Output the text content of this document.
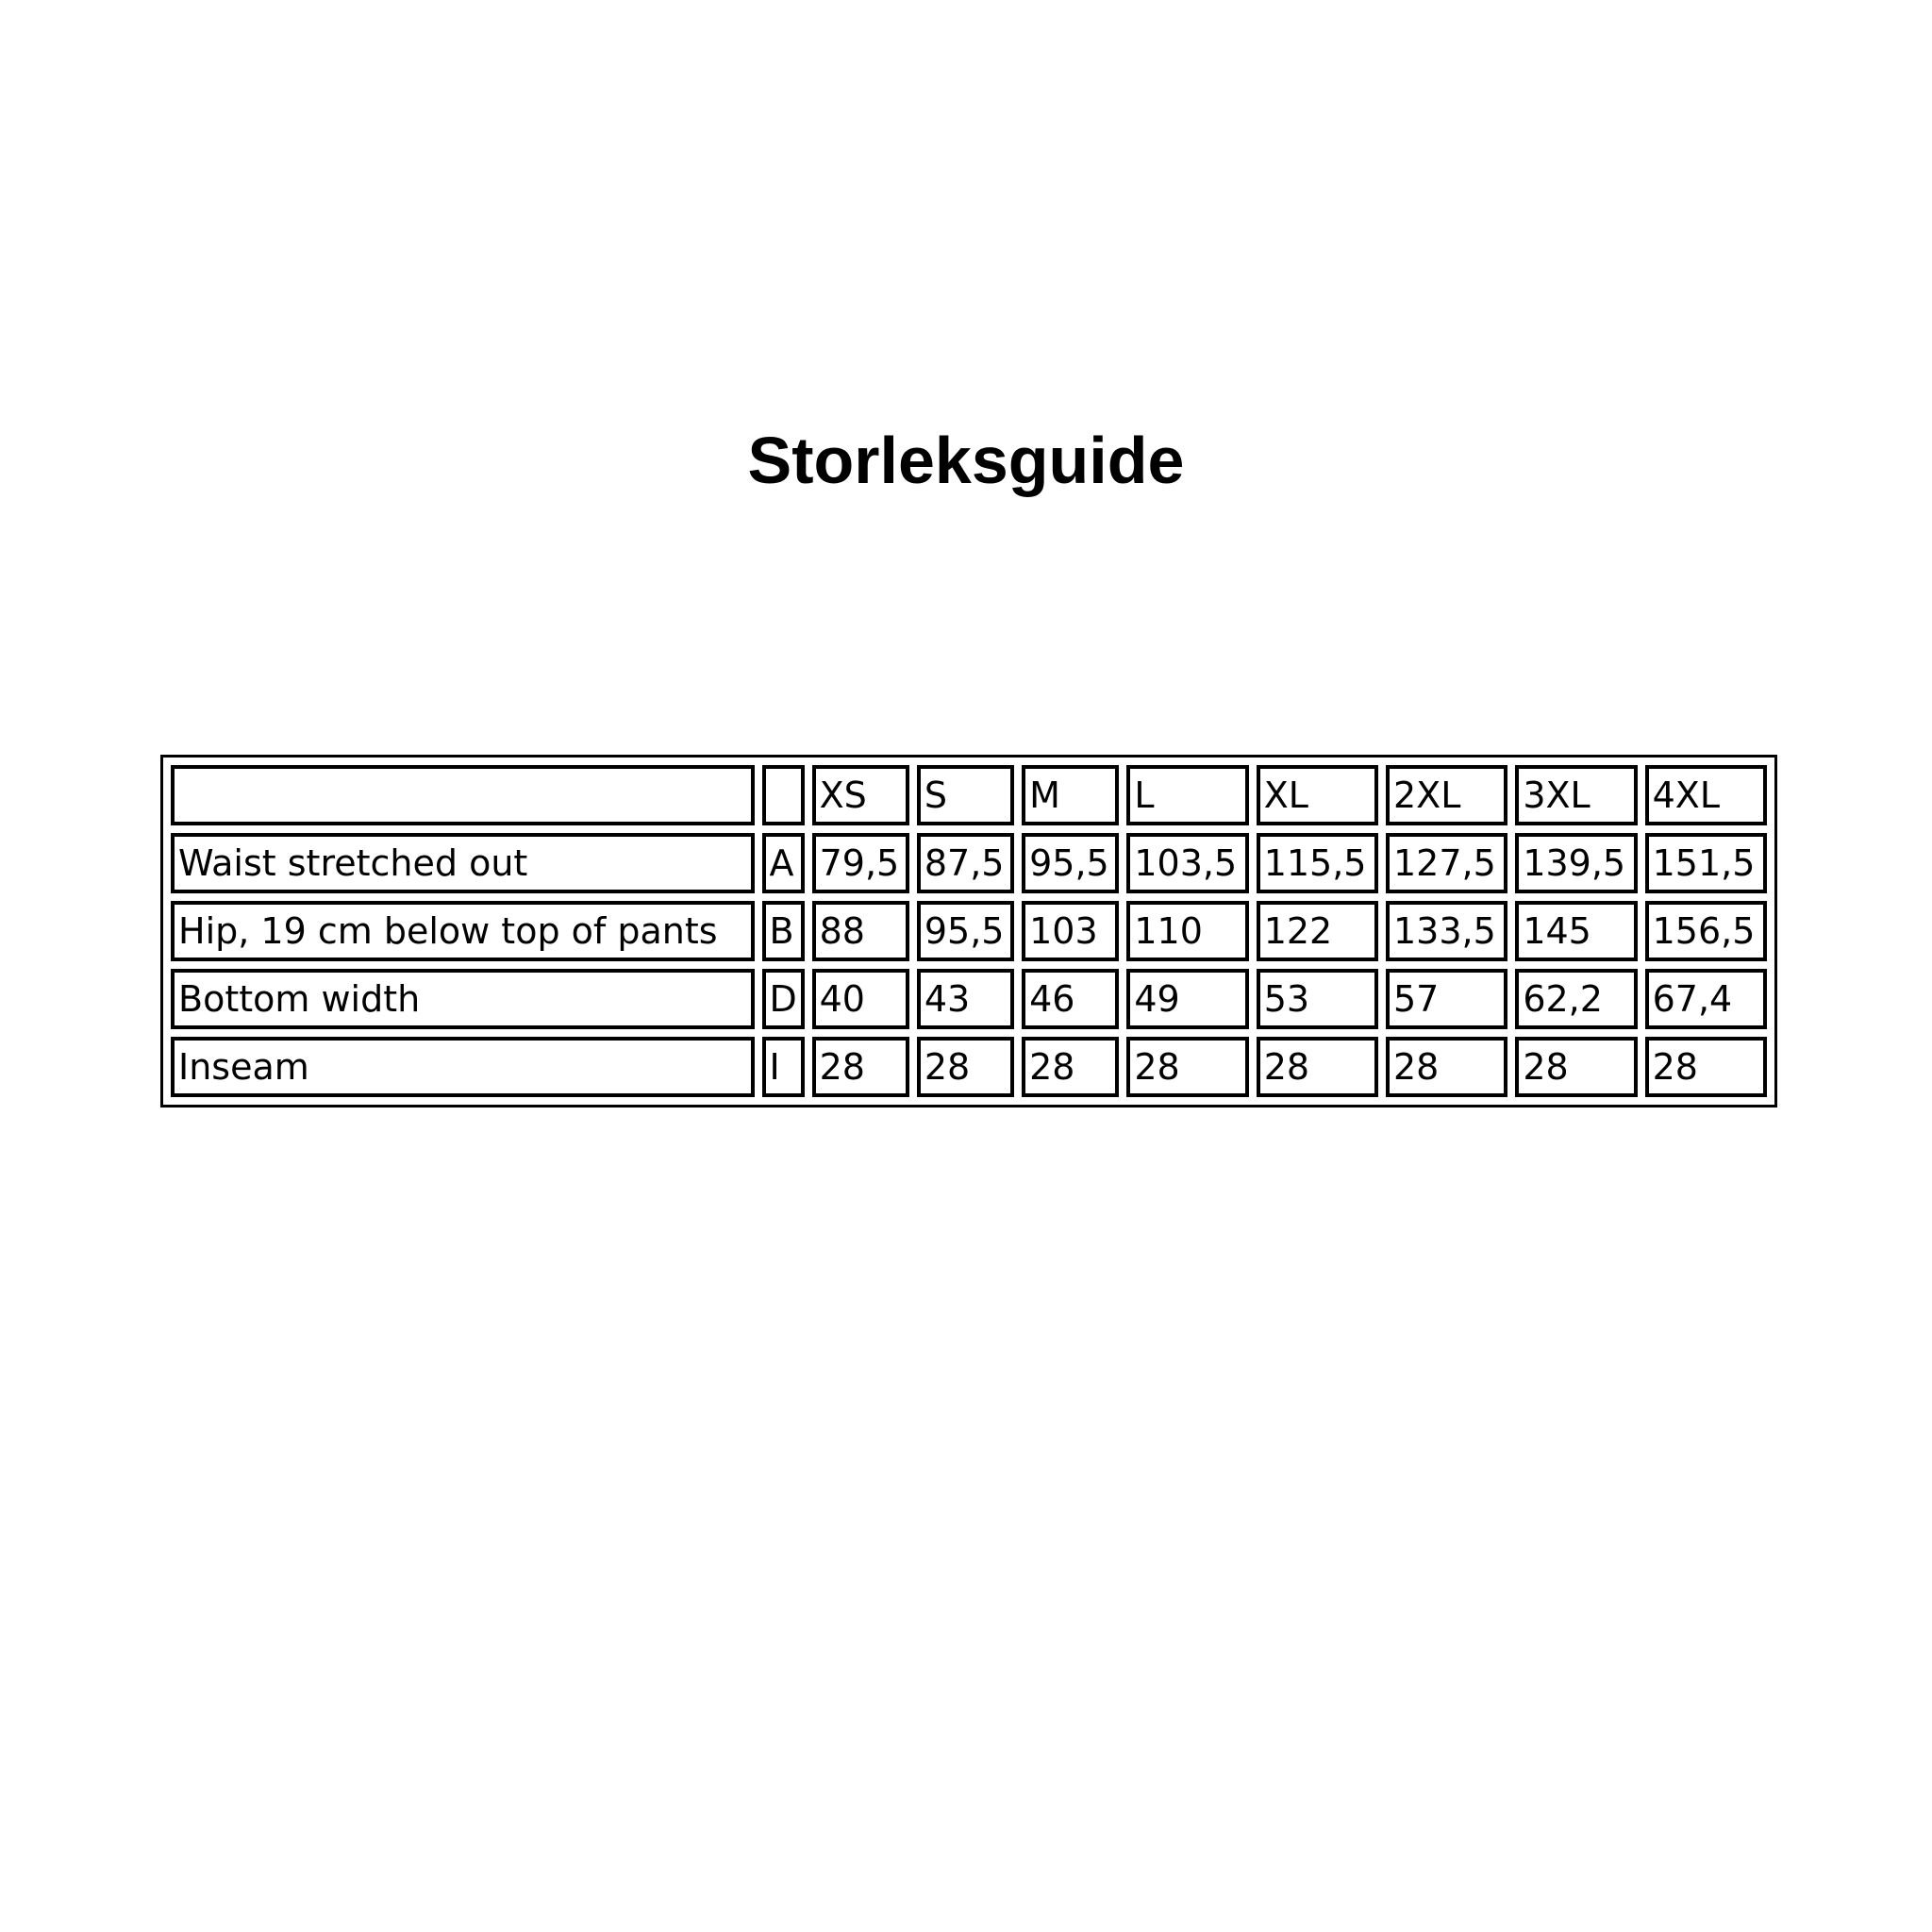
Storleksguide
		XS	S	M	L	XL	2XL	3XL	4XL
Waist stretched out	A	79,5	87,5	95,5	103,5	115,5	127,5	139,5	151,5
Hip, 19 cm below top of pants	B	88	95,5	103	110	122	133,5	145	156,5
Bottom width	D	40	43	46	49	53	57	62,2	67,4
Inseam	I	28	28	28	28	28	28	28	28
